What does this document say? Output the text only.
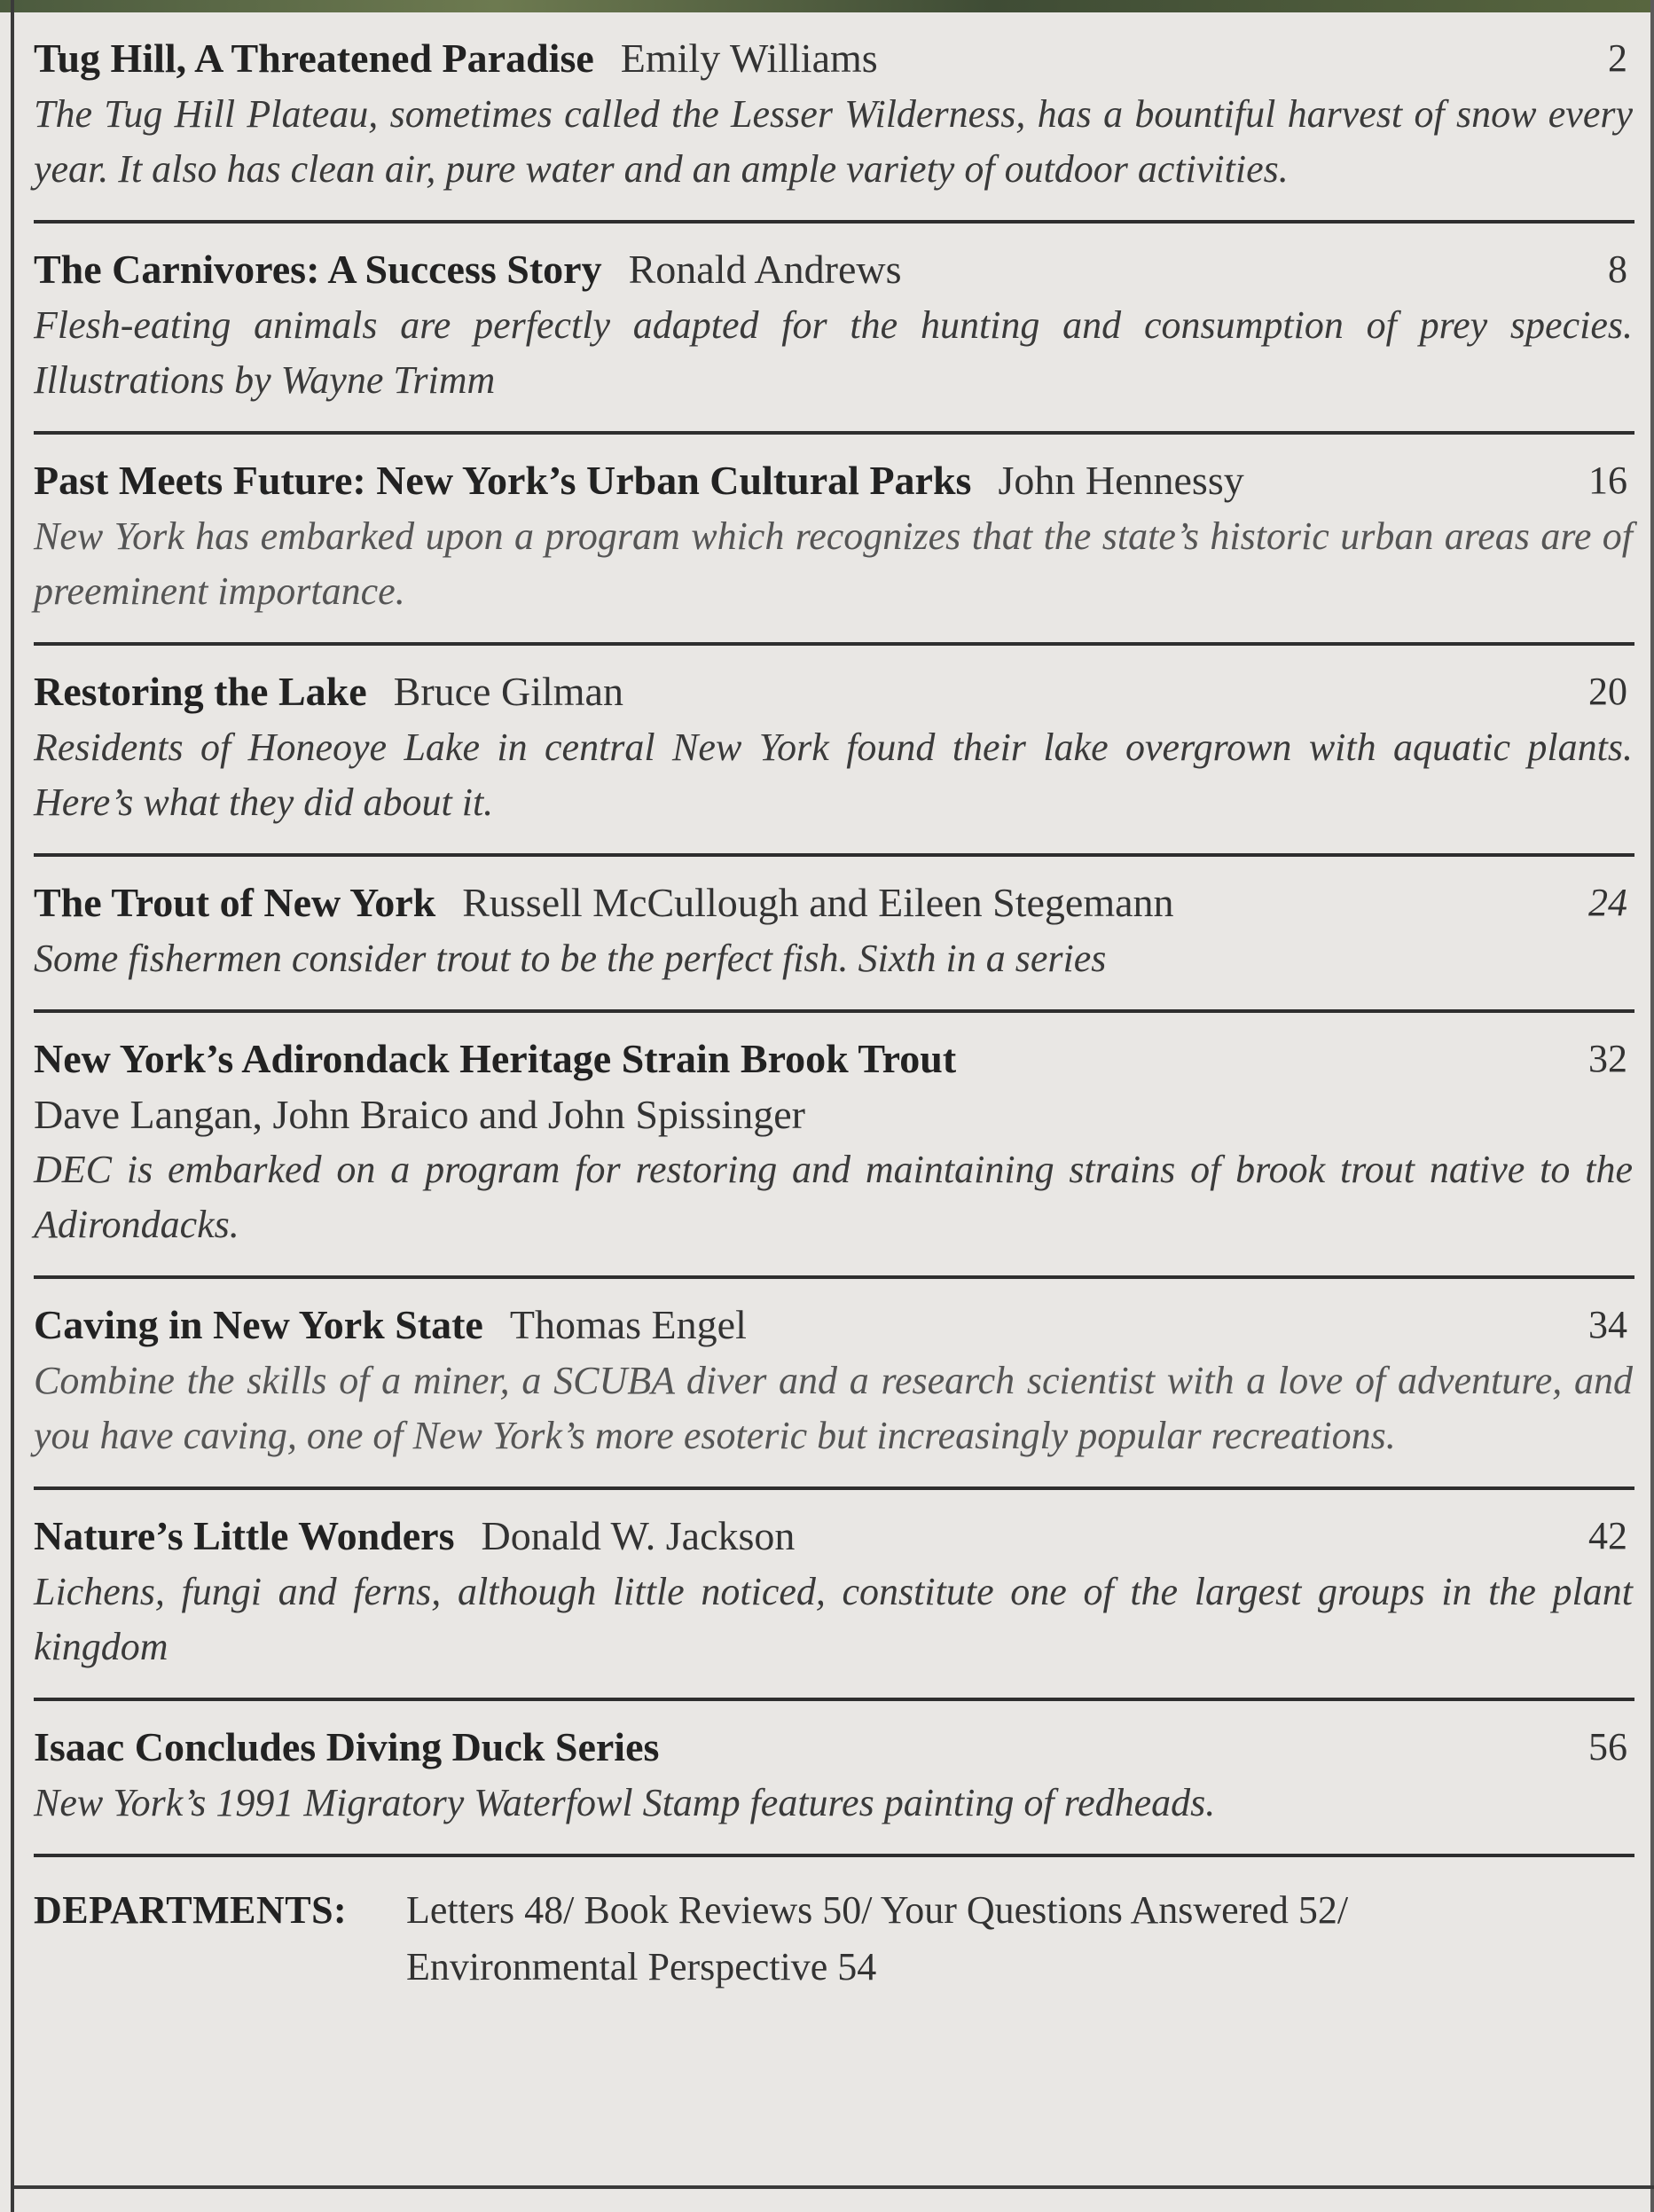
Tug Hill, A Threatened Paradise Emily Williams	2
The Tug Hill Plateau, sometimes called the Lesser Wilderness, has a bountiful harvest of snow every year. It also has clean air, pure water and an ample variety of outdoor activities.
The Carnivores: A Success Story Ronald Andrews	8
Flesh-eating animals are perfectly adapted for the hunting and consumption of prey species. Illustrations by Wayne Trimm
Past Meets Future: New York’s Urban Cultural Parks John Hennessy	16
New York has embarked upon a program which recognizes that the state’s historic urban areas are of preeminent importance.
Restoring the Lake Bruce Gilman	20
Residents of Honeoye Lake in central New York found their lake overgrown with aquatic plants. Here’s what they did about it.
The Trout of New York Russell McCullough and Eileen Stegemann	24
Some fishermen consider trout to be the perfect fish. Sixth in a series
New York’s Adirondack Heritage Strain Brook Trout	32
Dave Langan, John Braico and John Spissinger
DEC is embarked on a program for restoring and maintaining strains of brook trout native to the Adirondacks.
Caving in New York State Thomas Engel	34
Combine the skills of a miner, a SCUBA diver and a research scientist with a love of adventure, and you have caving, one of New York’s more esoteric but increasingly popular recreations.
Nature’s Little Wonders Donald W. Jackson	42
Lichens, fungi and ferns, although little noticed, constitute one of the largest groups in the plant kingdom
Isaac Concludes Diving Duck Series	56
New York’s 1991 Migratory Waterfowl Stamp features painting of redheads.
DEPARTMENTS:	Letters 48/ Book Reviews 50/ Your Questions Answered 52/
Environmental Perspective 54
